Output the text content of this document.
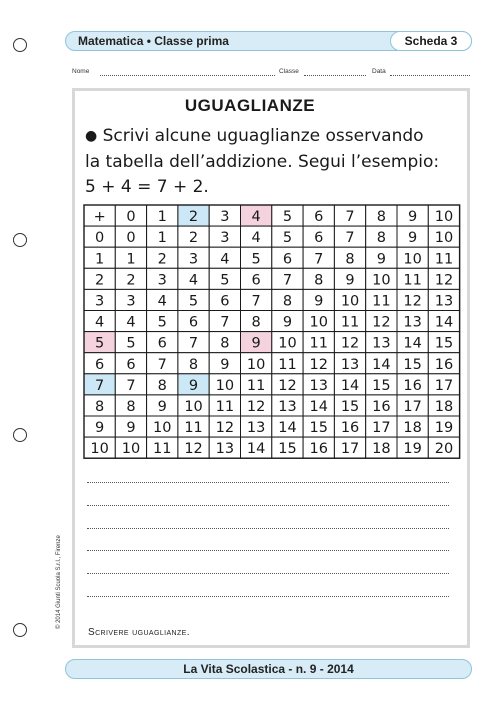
Matematica • Classe prima	Scheda 3
Nome	Classe	Data
UGUAGLIANZE
● Scrivi alcune uguaglianze osservando
la tabella dell’addizione. Segui l’esempio:
5 + 4 = 7 + 2.
+ 0 1 2 3 4 5 6 7 8 9 10
0 0 1 2 3 4 5 6 7 8 9 10
1 1 2 3 4 5 6 7 8 9 10 11
2 2 3 4 5 6 7 8 9 10 11 12
3 3 4 5 6 7 8 9 10 11 12 13
4 4 5 6 7 8 9 10 11 12 13 14
5 5 6 7 8 9 10 11 12 13 14 15
6 6 7 8 9 10 11 12 13 14 15 16
7 7 8 9 10 11 12 13 14 15 16 17
8 8 9 10 11 12 13 14 15 16 17 18
9 9 10 11 12 13 14 15 16 17 18 19
10 10 11 12 13 14 15 16 17 18 19 20
Scrivere uguaglianze.
© 2014 Giunti Scuola S.r.l., Firenze
La Vita Scolastica - n. 9 - 2014
